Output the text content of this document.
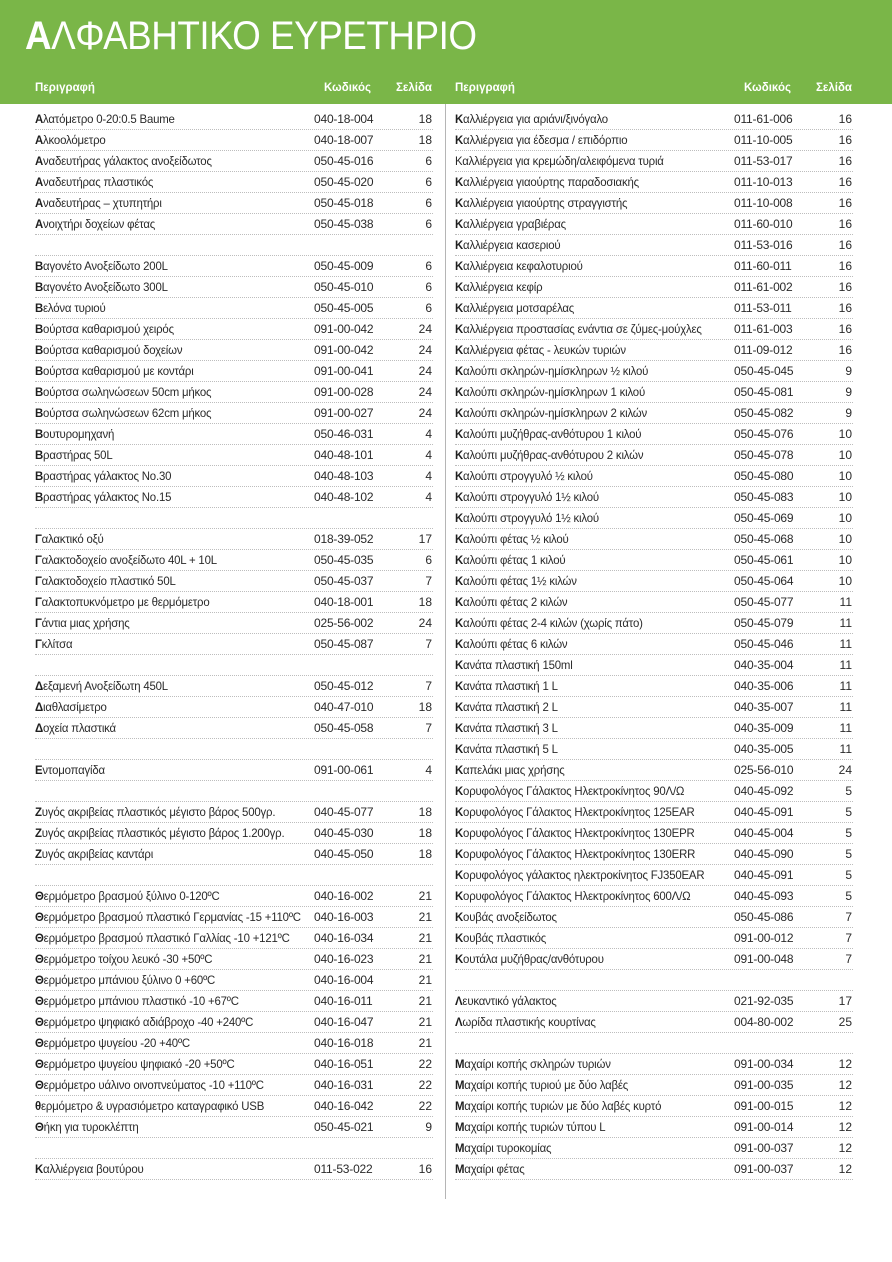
ΑΛΦΑΒΗΤΙΚΟ ΕΥΡΕΤΗΡΙΟ
Περιγραφή	Κωδικός Σελίδα Περιγραφή	Κωδικός Σελίδα
Αλατόμετρο 0-20:0.5 Baume	040-18-004	18
Αλκοολόμετρο	040-18-007	18
Αναδευτήρας γάλακτος ανοξείδωτος	050-45-016	6
Αναδευτήρας πλαστικός	050-45-020	6
Αναδευτήρας – χτυπητήρι	050-45-018	6
Ανοιχτήρι δοχείων φέτας	050-45-038	6
Βαγονέτο Ανοξείδωτο 200L	050-45-009	6
Βαγονέτο Ανοξείδωτο 300L	050-45-010	6
Βελόνα τυριού	050-45-005	6
Βούρτσα καθαρισμού χειρός	091-00-042	24
Βούρτσα καθαρισμού δοχείων	091-00-042	24
Βούρτσα καθαρισμού με κοντάρι	091-00-041	24
Βούρτσα σωληνώσεων 50cm μήκος	091-00-028	24
Βούρτσα σωληνώσεων 62cm μήκος	091-00-027	24
Βουτυρομηχανή	050-46-031	4
Βραστήρας 50L	040-48-101	4
Βραστήρας γάλακτος No.30	040-48-103	4
Βραστήρας γάλακτος No.15	040-48-102	4
Γαλακτικό οξύ	018-39-052	17
Γαλακτοδοχείο ανοξείδωτο 40L + 10L	050-45-035	6
Γαλακτοδοχείο πλαστικό 50L	050-45-037	7
Γαλακτοπυκνόμετρο με θερμόμετρο	040-18-001	18
Γάντια μιας χρήσης	025-56-002	24
Γκλίτσα	050-45-087	7
Δεξαμενή Ανοξείδωτη 450L	050-45-012	7
Διαθλασίμετρο	040-47-010	18
Δοχεία πλαστικά	050-45-058	7
Εντομοπαγίδα	091-00-061	4
Ζυγός ακριβείας πλαστικός μέγιστο βάρος 500γρ.	040-45-077	18
Ζυγός ακριβείας πλαστικός μέγιστο βάρος 1.200γρ. 040-45-030	18
Ζυγός ακριβείας καντάρι	040-45-050	18
Θερμόμετρο βρασμού ξύλινο 0-120ºC	040-16-002	21
Θερμόμετρο βρασμού πλαστικό Γερμανίας -15 +110ºC 040-16-003	21
Θερμόμετρο βρασμού πλαστικό Γαλλίας -10 +121ºC 040-16-034	21
Θερμόμετρο τοίχου λευκό -30 +50ºC	040-16-023	21
Θερμόμετρο μπάνιου ξύλινο 0 +60ºC	040-16-004	21
Θερμόμετρο μπάνιου πλαστικό -10 +67ºC	040-16-011	21
Θερμόμετρο ψηφιακό αδιάβροχο -40 +240ºC	040-16-047	21
Θερμόμετρο ψυγείου -20 +40ºC	040-16-018	21
Θερμόμετρο ψυγείου ψηφιακό -20 +50ºC	040-16-051	22
Θερμόμετρο υάλινο οινοπνεύματος -10 +110ºC	040-16-031	22
θερμόμετρο & υγρασιόμετρο καταγραφικό USB	040-16-042	22
Θήκη για τυροκλέπτη	050-45-021	9
Καλλιέργεια βουτύρου	011-53-022	16
Καλλιέργεια για αριάνι/ξινόγαλο	011-61-006	16
Καλλιέργεια για έδεσμα / επιδόρπιο	011-10-005	16
Καλλιέργεια για κρεμώδη/αλειφόμενα τυριά	011-53-017	16
Καλλιέργεια γιαούρτης παραδοσιακής	011-10-013	16
Καλλιέργεια γιαούρτης στραγγιστής	011-10-008	16
Καλλιέργεια γραβιέρας	011-60-010	16
Καλλιέργεια κασεριού	011-53-016	16
Καλλιέργεια κεφαλοτυριού	011-60-011	16
Καλλιέργεια κεφίρ	011-61-002	16
Καλλιέργεια μοτσαρέλας	011-53-011	16
Καλλιέργεια προστασίας ενάντια σε ζύμες-μούχλες	011-61-003	16
Καλλιέργεια φέτας - λευκών τυριών	011-09-012	16
Καλούπι σκληρών-ημίσκληρων ½ κιλού	050-45-045	9
Καλούπι σκληρών-ημίσκληρων 1 κιλού	050-45-081	9
Καλούπι σκληρών-ημίσκληρων 2 κιλών	050-45-082	9
Καλούπι μυζήθρας-ανθότυρου 1 κιλού	050-45-076	10
Καλούπι μυζήθρας-ανθότυρου 2 κιλών	050-45-078	10
Καλούπι στρογγυλό ½ κιλού	050-45-080	10
Καλούπι στρογγυλό 1½ κιλού	050-45-083	10
Καλούπι στρογγυλό 1½ κιλού	050-45-069	10
Καλούπι φέτας ½ κιλού	050-45-068	10
Καλούπι φέτας 1 κιλού	050-45-061	10
Καλούπι φέτας 1½ κιλών	050-45-064	10
Καλούπι φέτας 2 κιλών	050-45-077	11
Καλούπι φέτας 2-4 κιλών (χωρίς πάτο)	050-45-079	11
Καλούπι φέτας 6 κιλών	050-45-046	11
Κανάτα πλαστική 150ml	040-35-004	11
Κανάτα πλαστική 1 L	040-35-006	11
Κανάτα πλαστική 2 L	040-35-007	11
Κανάτα πλαστική 3 L	040-35-009	11
Κανάτα πλαστική 5 L	040-35-005	11
Καπελάκι μιας χρήσης	025-56-010	24
Κορυφολόγος Γάλακτος Ηλεκτροκίνητος 90Λ/Ω	040-45-092	5
Κορυφολόγος Γάλακτος Ηλεκτροκίνητος 125EAR	040-45-091	5
Κορυφολόγος Γάλακτος Ηλεκτροκίνητος 130EPR	040-45-004	5
Κορυφολόγος Γάλακτος Ηλεκτροκίνητος 130ERR	040-45-090	5
Κορυφολόγος γάλακτος ηλεκτροκίνητος FJ350EAR 040-45-091	5
Κορυφολόγος Γάλακτος Ηλεκτροκίνητος 600Λ/Ω	040-45-093	5
Κουβάς ανοξείδωτος	050-45-086	7
Κουβάς πλαστικός	091-00-012	7
Κουτάλα μυζήθρας/ανθότυρου	091-00-048	7
Λευκαντικό γάλακτος	021-92-035	17
Λωρίδα πλαστικής κουρτίνας	004-80-002	25
Μαχαίρι κοπής σκληρών τυριών	091-00-034	12
Μαχαίρι κοπής τυριού με δύο λαβές	091-00-035	12
Μαχαίρι κοπής τυριών με δύο λαβές κυρτό	091-00-015	12
Μαχαίρι κοπής τυριών τύπου L	091-00-014	12
Μαχαίρι τυροκομίας	091-00-037	12
Μαχαίρι φέτας	091-00-037	12
